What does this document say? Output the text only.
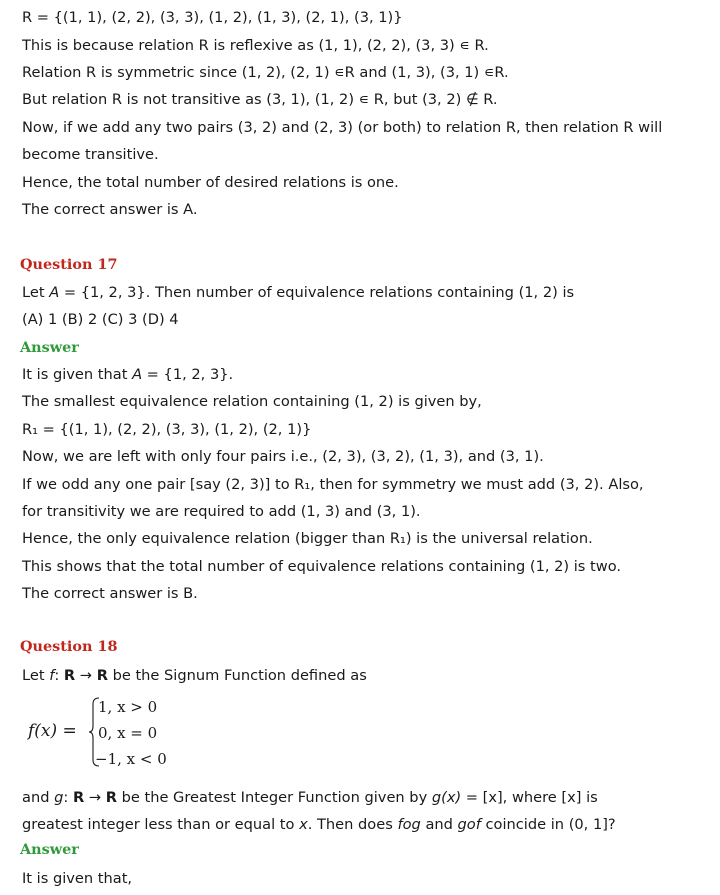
R = {(1, 1), (2, 2), (3, 3), (1, 2), (1, 3), (2, 1), (3, 1)}
This is because relation R is reflexive as (1, 1), (2, 2), (3, 3) ∊ R.
Relation R is symmetric since (1, 2), (2, 1) ∊R and (1, 3), (3, 1) ∊R.
But relation R is not transitive as (3, 1), (1, 2) ∊ R, but (3, 2) ∉ R.
Now, if we add any two pairs (3, 2) and (2, 3) (or both) to relation R, then relation R will
become transitive.
Hence, the total number of desired relations is one.
The correct answer is A.
Question 17
Let A = {1, 2, 3}. Then number of equivalence relations containing (1, 2) is
(A) 1 (B) 2 (C) 3 (D) 4
Answer
It is given that A = {1, 2, 3}.
The smallest equivalence relation containing (1, 2) is given by,
R₁ = {(1, 1), (2, 2), (3, 3), (1, 2), (2, 1)}
Now, we are left with only four pairs i.e., (2, 3), (3, 2), (1, 3), and (3, 1).
If we odd any one pair [say (2, 3)] to R₁, then for symmetry we must add (3, 2). Also,
for transitivity we are required to add (1, 3) and (3, 1).
Hence, the only equivalence relation (bigger than R₁) is the universal relation.
This shows that the total number of equivalence relations containing (1, 2) is two.
The correct answer is B.
Question 18
Let f: R → R be the Signum Function defined as
f(x) =
1, x > 0
0, x = 0
−1, x < 0
and g: R → R be the Greatest Integer Function given by g(x) = [x], where [x] is
greatest integer less than or equal to x. Then does fog and gof coincide in (0, 1]?
Answer
It is given that,
